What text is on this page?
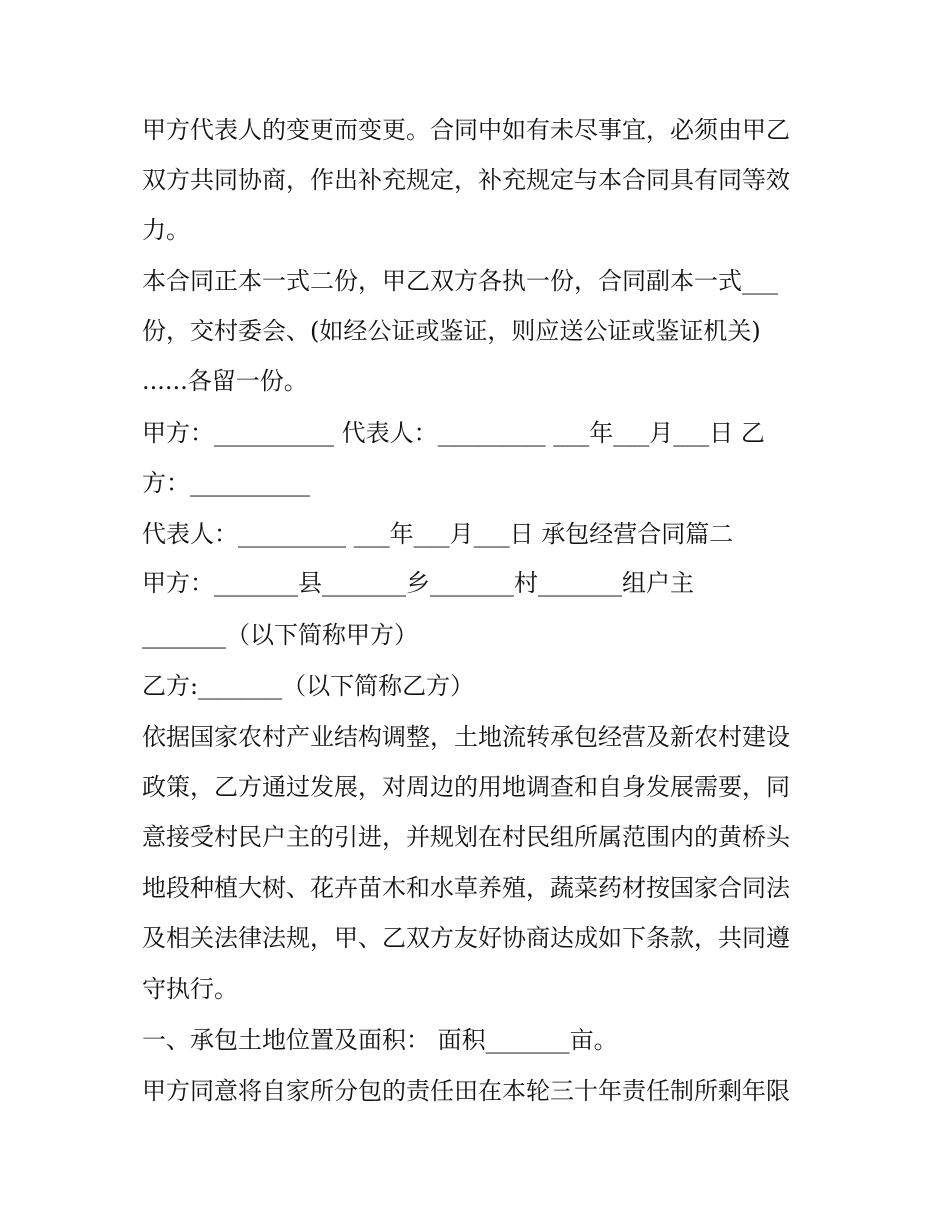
甲方代表人的变更而变更。合同中如有未尽事宜，必须由甲乙

双方共同协商，作出补充规定，补充规定与本合同具有同等效

力。

本合同正本一式二份，甲乙双方各执一份，合同副本一式___

份，交村委会、(如经公证或鉴证，则应送公证或鉴证机关)

......各留一份。

甲方：__________ 代表人：_________ ___年___月___日 乙

方：__________

代表人：_________ ___年___月___日 承包经营合同篇二

甲方：_______县_______乡_______村_______组户主

_______（以下简称甲方）

乙方:_______（以下简称乙方）

依据国家农村产业结构调整，土地流转承包经营及新农村建设

政策，乙方通过发展，对周边的用地调查和自身发展需要，同

意接受村民户主的引进，并规划在村民组所属范围内的黄桥头

地段种植大树、花卉苗木和水草养殖，蔬菜药材按国家合同法

及相关法律法规，甲、乙双方友好协商达成如下条款，共同遵

守执行。

一、承包土地位置及面积： 面积_______亩。

甲方同意将自家所分包的责任田在本轮三十年责任制所剩年限
